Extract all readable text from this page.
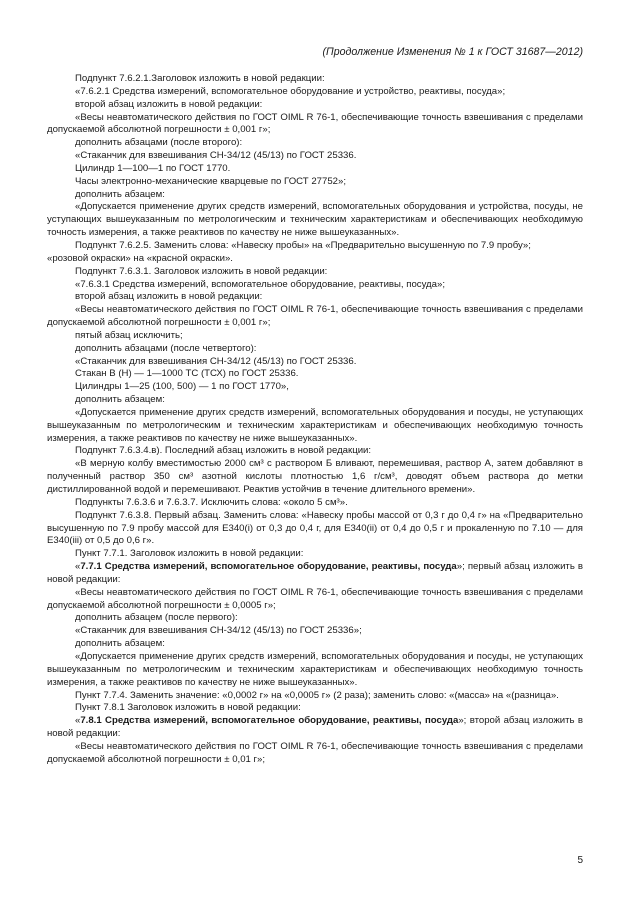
(Продолжение Изменения № 1 к ГОСТ 31687—2012)

Подпункт 7.6.2.1.Заголовок изложить в новой редакции:

«7.6.2.1 Средства измерений, вспомогательное оборудование и устройство, реактивы, посуда»;

второй абзац изложить в новой редакции:

«Весы неавтоматического действия по ГОСТ OIML R 76-1, обеспечивающие точность взвешивания с пределами допускаемой абсолютной погрешности ± 0,001 г»;

дополнить абзацами (после второго):

«Стаканчик для взвешивания СН-34/12 (45/13) по ГОСТ 25336.

Цилиндр 1—100—1 по ГОСТ 1770.

Часы электронно-механические кварцевые по ГОСТ 27752»;

дополнить абзацем:

«Допускается применение других средств измерений, вспомогательных оборудования и устройства, посуды, не уступающих вышеуказанным по метрологическим и техническим характеристикам и обеспечивающих необходимую точность измерения, а также реактивов по качеству не ниже вышеуказанных».

Подпункт 7.6.2.5. Заменить слова: «Навеску пробы» на «Предварительно высушенную по 7.9 пробу»;

«розовой окраски» на «красной окраски».

Подпункт 7.6.3.1. Заголовок изложить в новой редакции:

«7.6.3.1 Средства измерений, вспомогательное оборудование, реактивы, посуда»;

второй абзац изложить в новой редакции:

«Весы неавтоматического действия по ГОСТ OIML R 76-1, обеспечивающие точность взвешивания с пределами допускаемой абсолютной погрешности ± 0,001 г»;

пятый абзац исключить;

дополнить абзацами (после четвертого):

«Стаканчик для взвешивания СН-34/12 (45/13) по ГОСТ 25336.

Стакан В (Н) — 1—1000 ТС (ТСХ) по ГОСТ 25336.

Цилиндры 1—25 (100, 500) — 1 по ГОСТ 1770»,

дополнить абзацем:

«Допускается применение других средств измерений, вспомогательных оборудования и посуды, не уступающих вышеуказанным по метрологическим и техническим характеристикам и обеспечивающих необходимую точность измерения, а также реактивов по качеству не ниже вышеуказанных».

Подпункт 7.6.3.4.в). Последний абзац изложить в новой редакции:

«В мерную колбу вместимостью 2000 см³ с раствором Б вливают, перемешивая, раствор А, затем добавляют в полученный раствор 350 см³ азотной кислоты плотностью 1,6 г/см³, доводят объем раствора до метки дистиллированной водой и перемешивают. Реактив устойчив в течение длительного времени».

Подпункты 7.6.3.6 и 7.6.3.7. Исключить слова: «около 5 см³».

Подпункт 7.6.3.8. Первый абзац. Заменить слова: «Навеску пробы массой от 0,3 г до 0,4 г» на «Предварительно высушенную по 7.9 пробу массой для Е340(i) от 0,3 до 0,4 г, для Е340(ii) от 0,4 до 0,5 г и прокаленную по 7.10 — для Е340(iii) от 0,5 до 0,6 г».

Пункт 7.7.1. Заголовок изложить в новой редакции:

«7.7.1 Средства измерений, вспомогательное оборудование, реактивы, посуда»; первый абзац изложить в новой редакции:

«Весы неавтоматического действия по ГОСТ OIML R 76-1, обеспечивающие точность взвешивания с пределами допускаемой абсолютной погрешности ± 0,0005 г»;

дополнить абзацем (после первого):

«Стаканчик для взвешивания СН-34/12 (45/13) по ГОСТ 25336»;

дополнить абзацем:

«Допускается применение других средств измерений, вспомогательных оборудования и посуды, не уступающих вышеуказанным по метрологическим и техническим характеристикам и обеспечивающих необходимую точность измерения, а также реактивов по качеству не ниже вышеуказанных».

Пункт 7.7.4. Заменить значение: «0,0002 г» на «0,0005 г» (2 раза); заменить слово: «(масса» на «(разница».

Пункт 7.8.1 Заголовок изложить в новой редакции:

«7.8.1 Средства измерений, вспомогательное оборудование, реактивы, посуда»; второй абзац изложить в новой редакции:

«Весы неавтоматического действия по ГОСТ OIML R 76-1, обеспечивающие точность взвешивания с пределами допускаемой абсолютной погрешности ± 0,01 г»;

5
